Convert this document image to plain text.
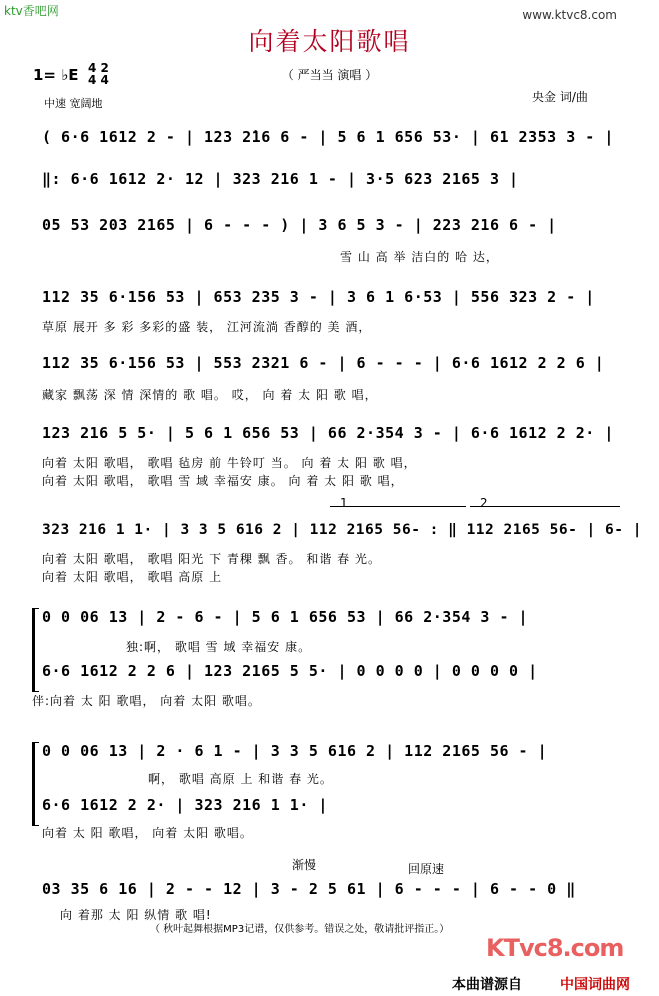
ktv香吧网	www.ktvc8.com
向着太阳歌唱
（ 严当当 演唱 ）
1= ♭E 4 2
4 4
中速 宽阔地	央金 词/曲
( 6·6 1612 2 - | 123 2̇16 6 - | 5 6 1 656 53· | 61 2353 3 - |
‖: 6·6 1612 2· 12 | 323 216 1 - | 3·5 623 2165 3 |
05 53 203 2165 | 6 - - - ) | 3 6 5 3 - | 223 216 6 - |
112 35 6·156 53 | 653 235 3 - | 3 6 1 6·53 | 556 323 2 - |
112 35 6·156 53 | 553 2321 6 - | 6 - - - | 6·6 1612 2 2 6 |
123 216 5 5· | 5 6 1 656 53 | 66 2·354 3 - | 6·6 1612 2 2· |
323 216 1 1· | 3 3 5 616 2 | 112 2165 56- : ‖ 112 2165 56- | 6- |
0 0 06 13 | 2 - 6 - | 5 6 1 656 53 | 66 2·354 3 - |
6·6 1612 2 2 6 | 123 2165 5 5· | 0 0 0 0 | 0 0 0 0 |
0 0 06 13 | 2 · 6 1 - | 3 3 5 616 2 | 112 2165 56 - |
6·6 1612 2 2· | 323 216 1 1· |
03 35 6 16 | 2 - - 12 | 3 - 2 5 61 | 6 - - - | 6 - - 0 ‖
雪 山 高 举 洁白的 哈 达，
草原 展开 多 彩 多彩的盛 装， 江河流淌 香醇的 美 酒，
藏家 飘荡 深 情 深情的 歌 唱。 哎， 向 着 太 阳 歌 唱，
向着 太阳 歌唱， 歌唱 毡房 前 牛铃叮 当。 向 着 太 阳 歌 唱，
向着 太阳 歌唱， 歌唱 雪 域 幸福安 康。 向 着 太 阳 歌 唱，
向着 太阳 歌唱， 歌唱 阳光 下 青稞 飘 香。 和谐 春 光。
向着 太阳 歌唱， 歌唱 高原 上
独:啊， 歌唱 雪 域 幸福安 康。
伴:向着 太 阳 歌唱， 向着 太阳 歌唱。
啊， 歌唱 高原 上 和谐 春 光。
向着 太 阳 歌唱， 向着 太阳 歌唱。
向 着那 太 阳 纵情 歌 唱!
1	2
渐慢	回原速
（ 秋叶起舞根据MP3记谱，仅供参考。错误之处，敬请批评指正。）
KTvc8.com
本曲谱源自	中国词曲网
